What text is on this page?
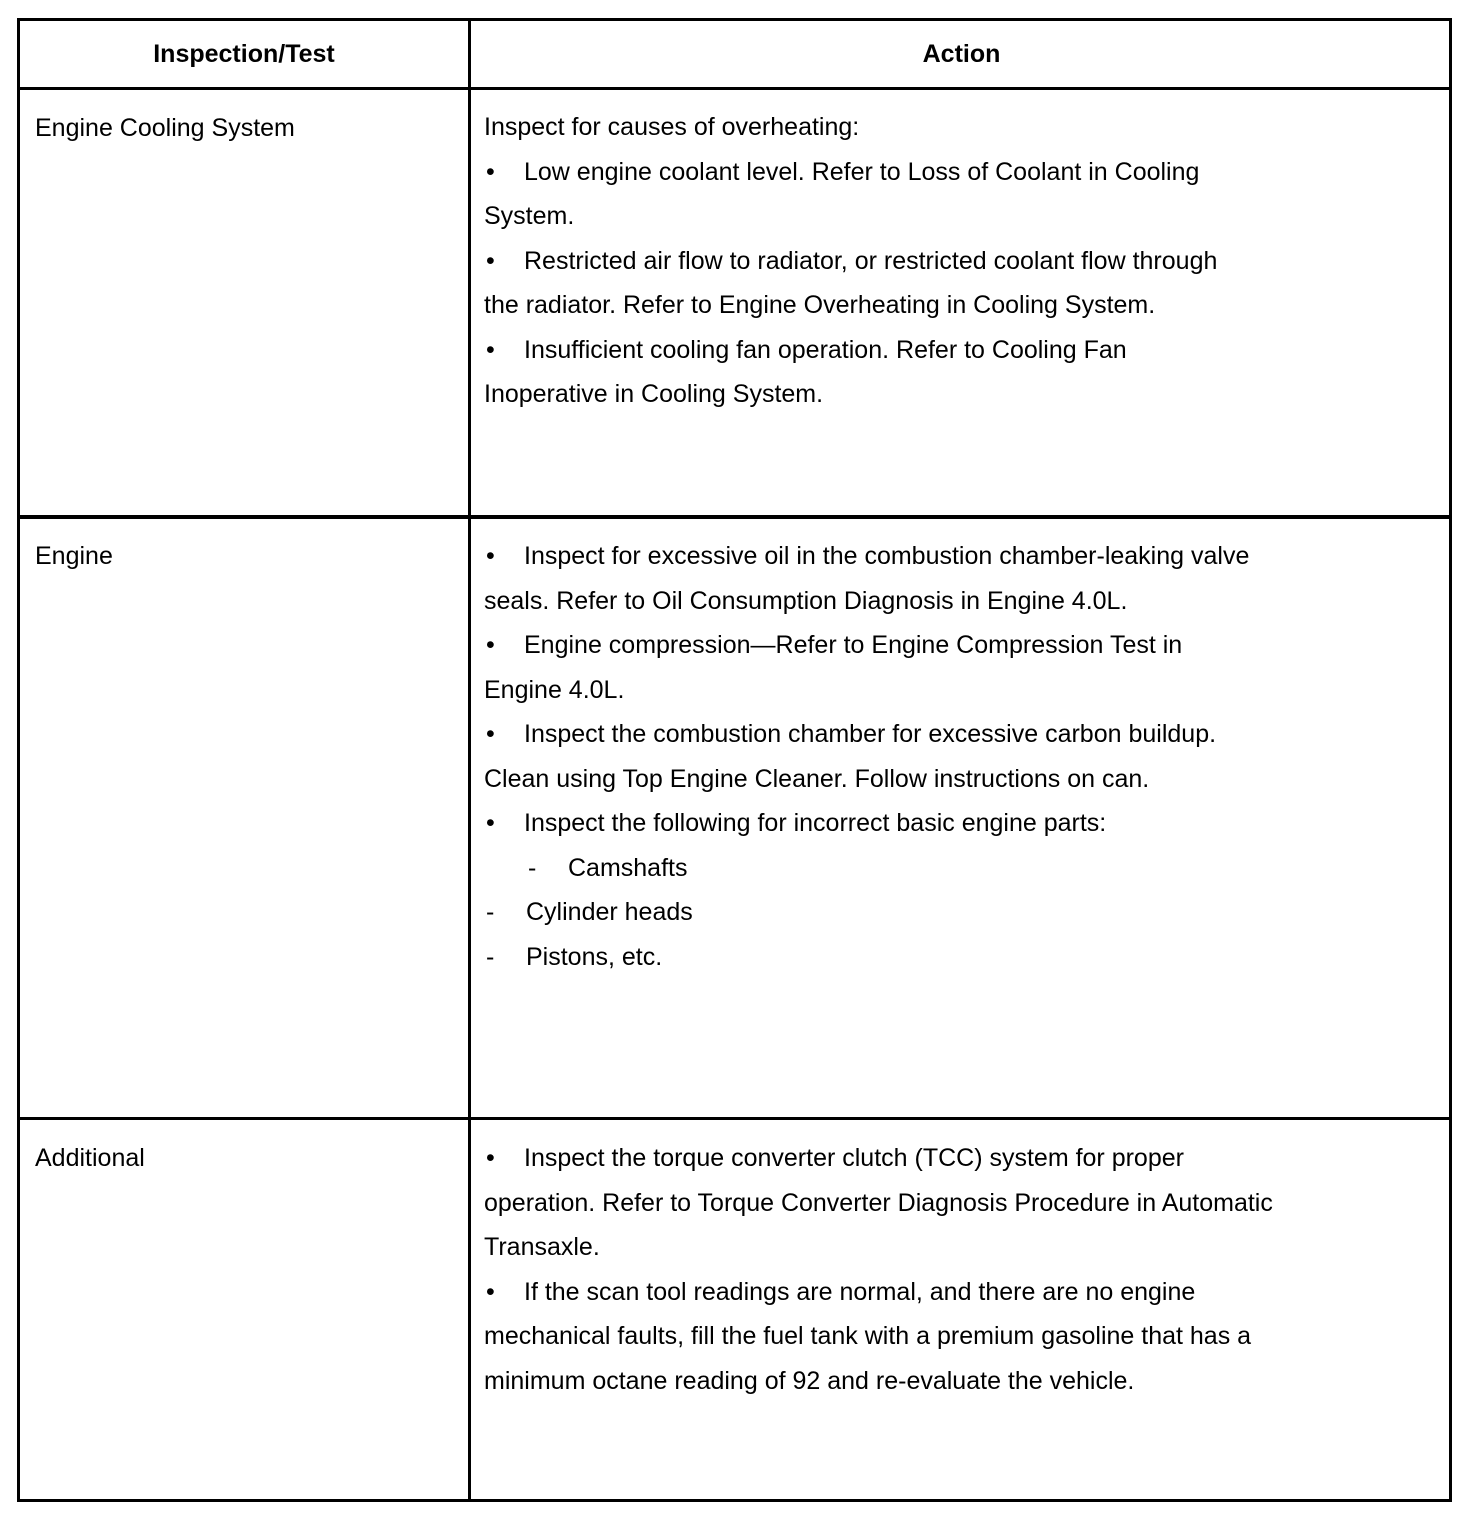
Inspection/Test	Action
Engine Cooling System	Inspect for causes of overheating:
• Low engine coolant level. Refer to Loss of Coolant in Cooling
System.
• Restricted air flow to radiator, or restricted coolant flow through
the radiator. Refer to Engine Overheating in Cooling System.
• Insufficient cooling fan operation. Refer to Cooling Fan
Inoperative in Cooling System.
Engine	• Inspect for excessive oil in the combustion chamber-leaking valve
seals. Refer to Oil Consumption Diagnosis in Engine 4.0L.
• Engine compression—Refer to Engine Compression Test in
Engine 4.0L.
• Inspect the combustion chamber for excessive carbon buildup.
Clean using Top Engine Cleaner. Follow instructions on can.
• Inspect the following for incorrect basic engine parts:
- Camshafts
- Cylinder heads
- Pistons, etc.
Additional	• Inspect the torque converter clutch (TCC) system for proper
operation. Refer to Torque Converter Diagnosis Procedure in Automatic
Transaxle.
• If the scan tool readings are normal, and there are no engine
mechanical faults, fill the fuel tank with a premium gasoline that has a
minimum octane reading of 92 and re-evaluate the vehicle.
